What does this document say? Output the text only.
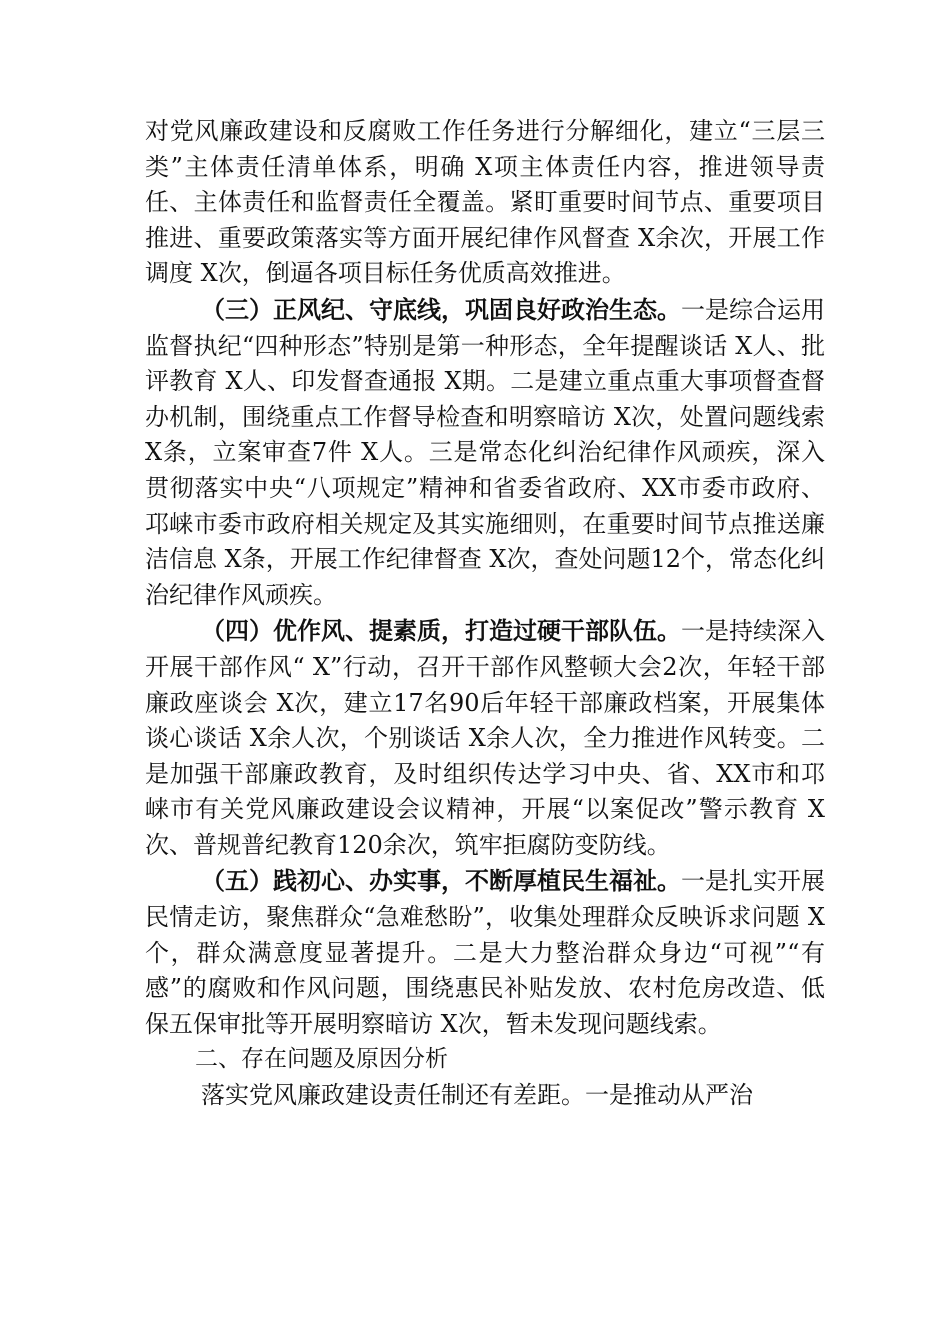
对党风廉政建设和反腐败工作任务进行分解细化，建立“三层三类”主体责任清单体系，明确 X项主体责任内容，推进领导责任、主体责任和监督责任全覆盖。紧盯重要时间节点、重要项目推进、重要政策落实等方面开展纪律作风督查 X余次，开展工作调度 X次，倒逼各项目标任务优质高效推进。

（三）正风纪、守底线，巩固良好政治生态。一是综合运用监督执纪“四种形态”特别是第一种形态，全年提醒谈话 X人、批评教育 X人、印发督查通报 X期。二是建立重点重大事项督查督办机制，围绕重点工作督导检查和明察暗访 X次，处置问题线索 X条，立案审查7件 X人。三是常态化纠治纪律作风顽疾，深入贯彻落实中央“八项规定”精神和省委省政府、XX市委市政府、邛崃市委市政府相关规定及其实施细则，在重要时间节点推送廉洁信息 X条，开展工作纪律督查 X次，查处问题12个，常态化纠治纪律作风顽疾。

（四）优作风、提素质，打造过硬干部队伍。一是持续深入开展干部作风“ X”行动，召开干部作风整顿大会2次，年轻干部廉政座谈会 X次，建立17名90后年轻干部廉政档案，开展集体谈心谈话 X余人次，个别谈话 X余人次，全力推进作风转变。二是加强干部廉政教育，及时组织传达学习中央、省、XX市和邛崃市有关党风廉政建设会议精神，开展“以案促改”警示教育 X次、普规普纪教育120余次，筑牢拒腐防变防线。

（五）践初心、办实事，不断厚植民生福祉。一是扎实开展民情走访，聚焦群众“急难愁盼”，收集处理群众反映诉求问题 X个，群众满意度显著提升。二是大力整治群众身边“可视”“有感”的腐败和作风问题，围绕惠民补贴发放、农村危房改造、低保五保审批等开展明察暗访 X次，暂未发现问题线索。

二、存在问题及原因分析

落实党风廉政建设责任制还有差距。一是推动从严治
